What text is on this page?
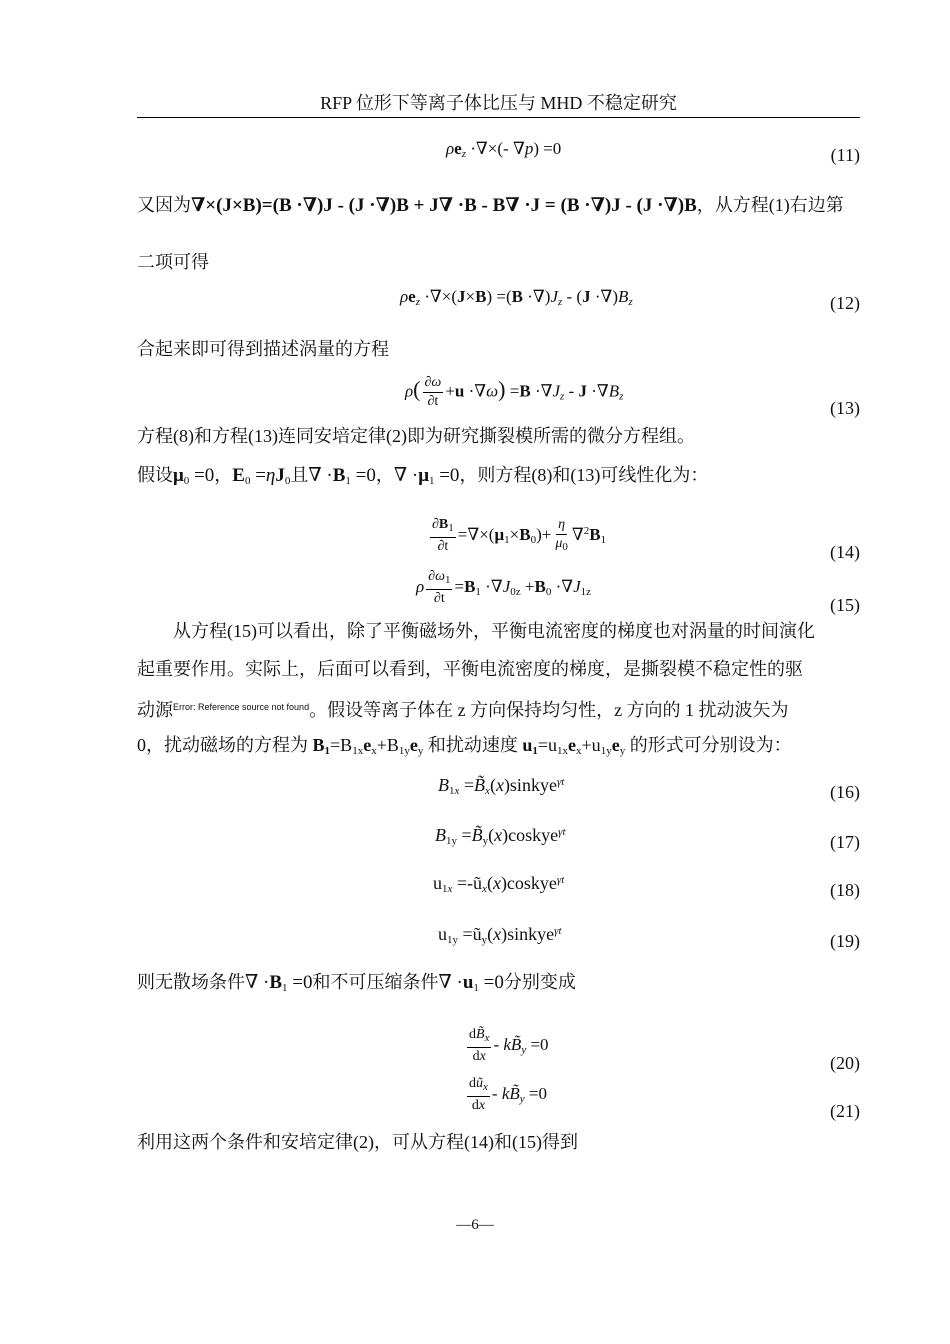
RFP 位形下等离子体比压与 MHD 不稳定研究
$\rho e_z$ ·∇×(- ∇p) =0	(11)
又因为∇×(J×B)=(B ·∇)J - (J ·∇)B + J∇ ·B - B∇ ·J = (B ·∇)J - (J ·∇)B，从方程(1)右边第
二项可得
$\rho e_z \cdot\nabla\times(J\times B) =(B \cdot\nabla)J_z - (J \cdot\nabla)B_z$	(12)
合起来即可得到描述涡量的方程
$\rho( \frac{\partial\omega}{\partial t} +u \cdot\nabla\omega) =B \cdot\nabla J_z - J \cdot\nabla B_z$
(13)
方程(8)和方程(13)连同安培定律(2)即为研究撕裂模所需的微分方程组。
假设$\mu_0 =0$，$E_0 =\eta J_0$且∇ $\cdot B_1 =0$，∇ $\cdot\mu_1 =0$，则方程(8)和(13)可线性化为：
$\frac{\partial B_1}{\partial t} =\nabla\times(\mu_1\times B_0)+ \frac{\eta}{\mu_0} \nabla^2B_1$
(14)
ρ $\frac{\partial\omega_1}{\partial t} =B_1 \cdot\nabla J_{0z} +B_0 \cdot\nabla J_{1z}$
(15)
从方程(15)可以看出，除了平衡磁场外，平衡电流密度的梯度也对涡量的时间演化
起重要作用。实际上，后面可以看到，平衡电流密度的梯度，是撕裂模不稳定性的驱
动源$^{Error: Reference source not found}$。假设等离子体在 z 方向保持均匀性，z 方向的 1 扰动波矢为
0，扰动磁场的方程为 $B_1=B_{1x}e_x+B_{1y}e_y$ 和扰动速度 $u_1=u_{1x}e_x+u_{1y}e_y$ 的形式可分别设为：
$B_{1x}$ $=B̃_x(x)sinkye^{\gamma t}$	(16)
$B_{1y}$ $=B̃_y(x)coskye^{\gamma t}$	(17)
$u_{1x}$ $=-ũ_x(x)coskye^{\gamma t}$	(18)
$u_{1y}$ $=ũ_y(x)sinkye^{\gamma t}$	(19)
则无散场条件∇ $\cdot B_1 =0$和不可压缩条件∇ $\cdot u_1 =0$分别变成
$\frac{dB̃_x}{dx}$ - $kB̃_y =0$
(20)
$\frac{dũ_x}{dx}$ - $kB̃_y =0$
(21)
利用这两个条件和安培定律(2)，可从方程(14)和(15)得到
—6—
